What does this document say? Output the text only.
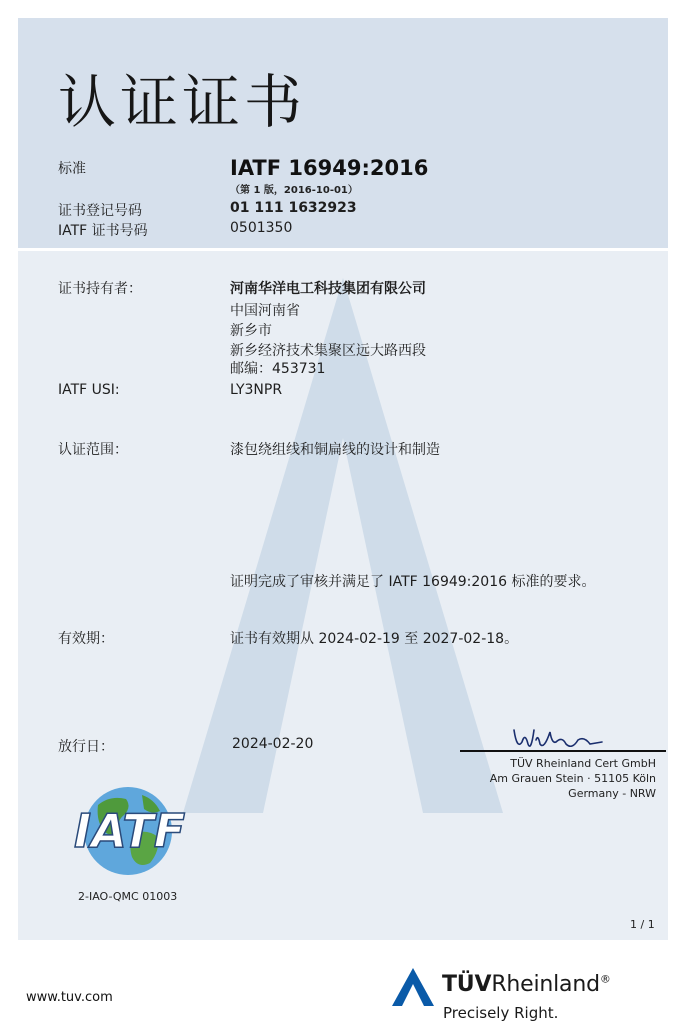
认证证书
标准	IATF 16949:2016
（第 1 版，2016-10-01）
证书登记号码	01 111 1632923
IATF 证书号码	0501350
证书持有者：	河南华洋电工科技集团有限公司
中国河南省
新乡市
新乡经济技术集聚区远大路西段
邮编：453731
IATF USI:	LY3NPR
认证范围：	漆包绕组线和铜扁线的设计和制造
证明完成了审核并满足了 IATF 16949:2016 标准的要求。
有效期：	证书有效期从 2024-02-19 至 2027-02-18。
放行日：	2024-02-20
TÜV Rheinland Cert GmbH
Am Grauen Stein · 51105 Köln
Germany - NRW
IATF
2-IAO-QMC 01003
1 / 1
www.tuv.com
TÜVRheinland®
Precisely Right.
